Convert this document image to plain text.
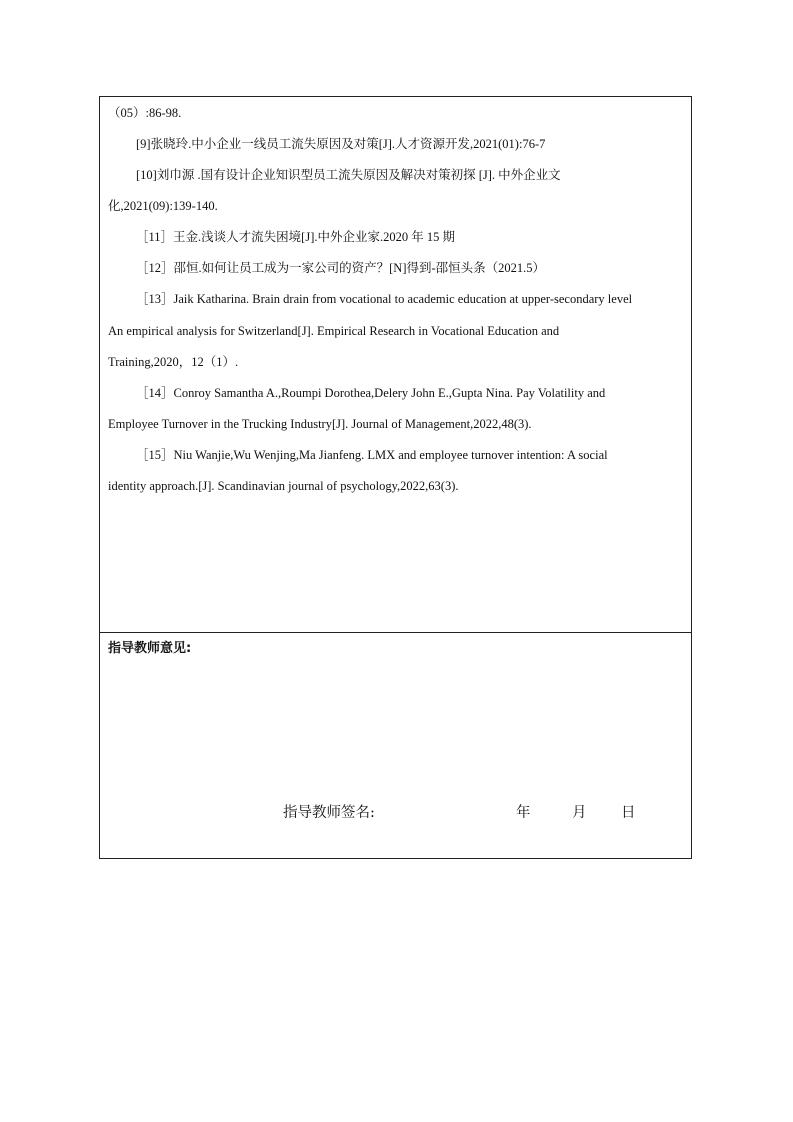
（05）:86-98.
[9]张晓玲.中小企业一线员工流失原因及对策[J].人才资源开发,2021(01):76-7
[10]刘巾源 .国有设计企业知识型员工流失原因及解决对策初探 [J]. 中外企业文
化,2021(09):139-140.
［11］王金.浅谈人才流失困境[J].中外企业家.2020 年 15 期
［12］邵恒.如何让员工成为一家公司的资产？[N]得到-邵恒头条（2021.5）
［13］Jaik Katharina. Brain drain from vocational to academic education at upper-secondary level
An empirical analysis for Switzerland[J]. Empirical Research in Vocational Education and
Training,2020，12（1）.
［14］Conroy Samantha A.,Roumpi Dorothea,Delery John E.,Gupta Nina. Pay Volatility and
Employee Turnover in the Trucking Industry[J]. Journal of Management,2022,48(3).
［15］Niu Wanjie,Wu Wenjing,Ma Jianfeng. LMX and employee turnover intention: A social
identity approach.[J]. Scandinavian journal of psychology,2022,63(3).
指导教师意见:
指导教师签名:	年	月 日
